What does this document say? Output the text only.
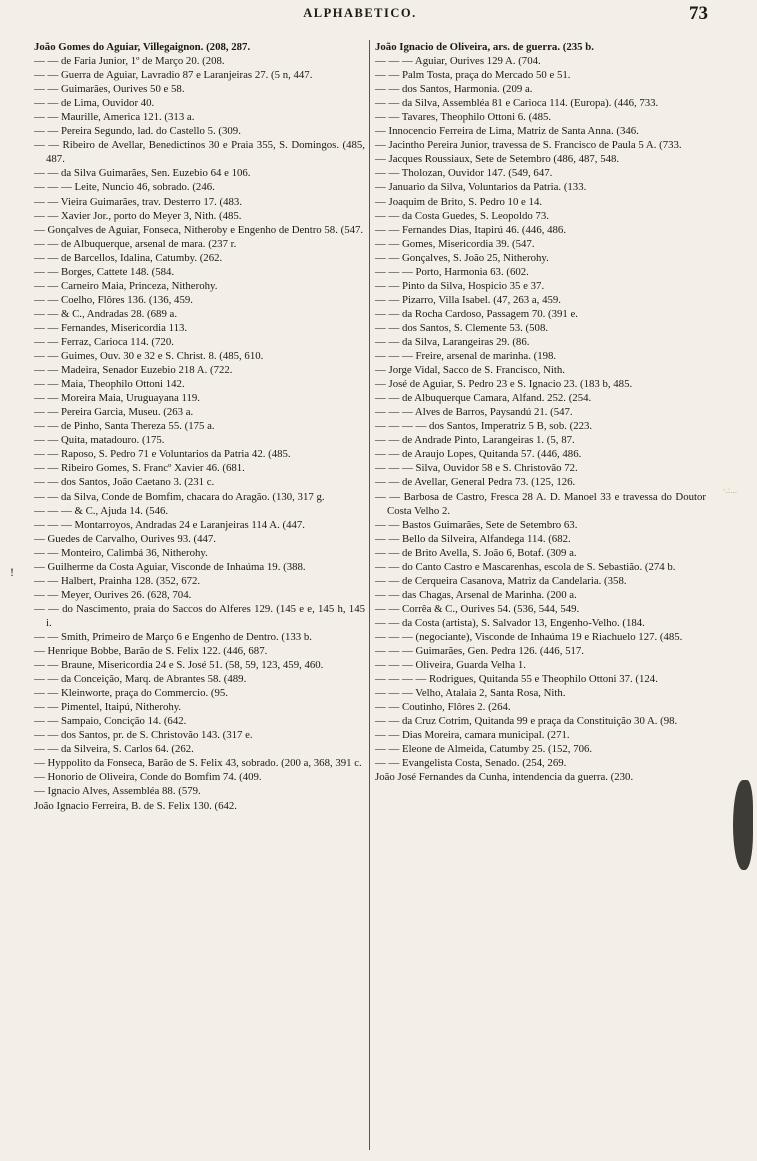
ALPHABETICO.	73
João Gomes do Aguiar, Villegaignon. (208, 287.
— — de Faria Junior, 1º de Março 20. (208.
— — Guerra de Aguiar, Lavradio 87 e Laranjeiras 27. (5 n, 447.
— — Guimarães, Ourives 50 e 58.
— — de Lima, Ouvidor 40.
— — Maurille, America 121. (313 a.
— — Pereira Segundo, lad. do Castello 5. (309.
— — Ribeiro de Avellar, Benedictinos 30 e Praia 355, S. Domingos. (485, 487.
— — da Silva Guimarães, Sen. Euzebio 64 e 106.
— — — Leite, Nuncio 46, sobrado. (246.
— — Vieira Guimarães, trav. Desterro 17. (483.
— — Xavier Jor., porto do Meyer 3, Nith. (485.
— Gonçalves de Aguiar, Fonseca, Nitheroby e Engenho de Dentro 58. (547.
— — de Albuquerque, arsenal de mara. (237 r.
— — de Barcellos, Idalina, Catumby. (262.
— — Borges, Cattete 148. (584.
— — Carneiro Maia, Princeza, Nitherohy.
— — Coelho, Flôres 136. (136, 459.
— — & C., Andradas 28. (689 a.
— — Fernandes, Misericordia 113.
— — Ferraz, Carioca 114. (720.
— — Guimes, Ouv. 30 e 32 e S. Christ. 8. (485, 610.
— — Madeira, Senador Euzebio 218 A. (722.
— — Maia, Theophilo Ottoni 142.
— — Moreira Maia, Uruguayana 119.
— — Pereira Garcia, Museu. (263 a.
— — de Pinho, Santa Thereza 55. (175 a.
— — Quita, matadouro. (175.
— — Raposo, S. Pedro 71 e Voluntarios da Patria 42. (485.
— — Ribeiro Gomes, S. Francº Xavier 46. (681.
— — dos Santos, João Caetano 3. (231 c.
— — da Silva, Conde de Bomfim, chacara do Aragão. (130, 317 g.
— — — & C., Ajuda 14. (546.
— — — Montarroyos, Andradas 24 e Laranjeiras 114 A. (447.
— Guedes de Carvalho, Ourives 93. (447.
— — Monteiro, Calimbá 36, Nitherohy.
— Guilherme da Costa Aguiar, Visconde de Inhaúma 19. (388.
— — Halbert, Prainha 128. (352, 672.
— — Meyer, Ourives 26. (628, 704.
— — do Nascimento, praia do Saccos do Alferes 129. (145 e e, 145 h, 145 i.
— — Smith, Primeiro de Março 6 e Engenho de Dentro. (133 b.
— Henrique Bobbe, Barão de S. Felix 122. (446, 687.
— — Braune, Misericordia 24 e S. José 51. (58, 59, 123, 459, 460.
— — da Conceição, Marq. de Abrantes 58. (489.
— — Kleinworte, praça do Commercio. (95.
— — Pimentel, Itaipú, Nitherohy.
— — Sampaio, Concição 14. (642.
— — dos Santos, pr. de S. Christovão 143. (317 e.
— — da Silveira, S. Carlos 64. (262.
— Hyppolito da Fonseca, Barão de S. Felix 43, sobrado. (200 a, 368, 391 c.
— Honorio de Oliveira, Conde do Bomfim 74. (409.
— Ignacio Alves, Assembléa 88. (579.
João Ignacio Ferreira, B. de S. Felix 130. (642.
João Ignacio de Oliveira, ars. de guerra. (235 b.
— — — Aguiar, Ourives 129 A. (704.
— — Palm Tosta, praça do Mercado 50 e 51.
— — dos Santos, Harmonia. (209 a.
— — da Silva, Assembléa 81 e Carioca 114. (Europa). (446, 733.
— — Tavares, Theophilo Ottoni 6. (485.
— Innocencio Ferreira de Lima, Matriz de Santa Anna. (346.
— Jacintho Pereira Junior, travessa de S. Francisco de Paula 5 A. (733.
— Jacques Roussiaux, Sete de Setembro (486, 487, 548.
— — Tholozan, Ouvidor 147. (549, 647.
— Januario da Silva, Voluntarios da Patria. (133.
— Joaquim de Brito, S. Pedro 10 e 14.
— — da Costa Guedes, S. Leopoldo 73.
— — Fernandes Dias, Itapirú 46. (446, 486.
— — Gomes, Misericordia 39. (547.
— — Gonçalves, S. João 25, Nitherohy.
— — — Porto, Harmonia 63. (602.
— — Pinto da Silva, Hospicio 35 e 37.
— — Pizarro, Villa Isabel. (47, 263 a, 459.
— — da Rocha Cardoso, Passagem 70. (391 e.
— — dos Santos, S. Clemente 53. (508.
— — da Silva, Larangeiras 29. (86.
— — — Freire, arsenal de marinha. (198.
— Jorge Vidal, Sacco de S. Francisco, Nith.
— José de Aguiar, S. Pedro 23 e S. Ignacio 23. (183 b, 485.
— — de Albuquerque Camara, Alfand. 252. (254.
— — — Alves de Barros, Paysandú 21. (547.
— — — — dos Santos, Imperatriz 5 B, sob. (223.
— — de Andrade Pinto, Larangeiras 1. (5, 87.
— — de Araujo Lopes, Quitanda 57. (446, 486.
— — — Silva, Ouvidor 58 e S. Christovão 72.
— — de Avellar, General Pedra 73. (125, 126.
— — Barbosa de Castro, Fresca 28 A. D. Manoel 33 e travessa do Doutor Costa Velho 2.
— — Bastos Guimarães, Sete de Setembro 63.
— — Bello da Silveira, Alfandega 114. (682.
— — de Brito Avella, S. João 6, Botaf. (309 a.
— — do Canto Castro e Mascarenhas, escola de S. Sebastião. (274 b.
— — de Cerqueira Casanova, Matriz da Candelaria. (358.
— — das Chagas, Arsenal de Marinha. (200 a.
— — Corrêa & C., Ourives 54. (536, 544, 549.
— — da Costa (artista), S. Salvador 13, Engenho-Velho. (184.
— — — (negociante), Visconde de Inhaúma 19 e Riachuelo 127. (485.
— — — Guimarães, Gen. Pedra 126. (446, 517.
— — — Oliveira, Guarda Velha 1.
— — — — Rodrigues, Quitanda 55 e Theophilo Ottoni 37. (124.
— — — Velho, Atalaia 2, Santa Rosa, Nith.
— — Coutinho, Flôres 2. (264.
— — da Cruz Cotrim, Quitanda 99 e praça da Constituição 30 A. (98.
— — Dias Moreira, camara municipal. (271.
— — Eleone de Almeida, Catumby 25. (152, 706.
— — Evangelista Costa, Senado. (254, 269.
João José Fernandes da Cunha, intendencia da guerra. (230.
!
·.:...
